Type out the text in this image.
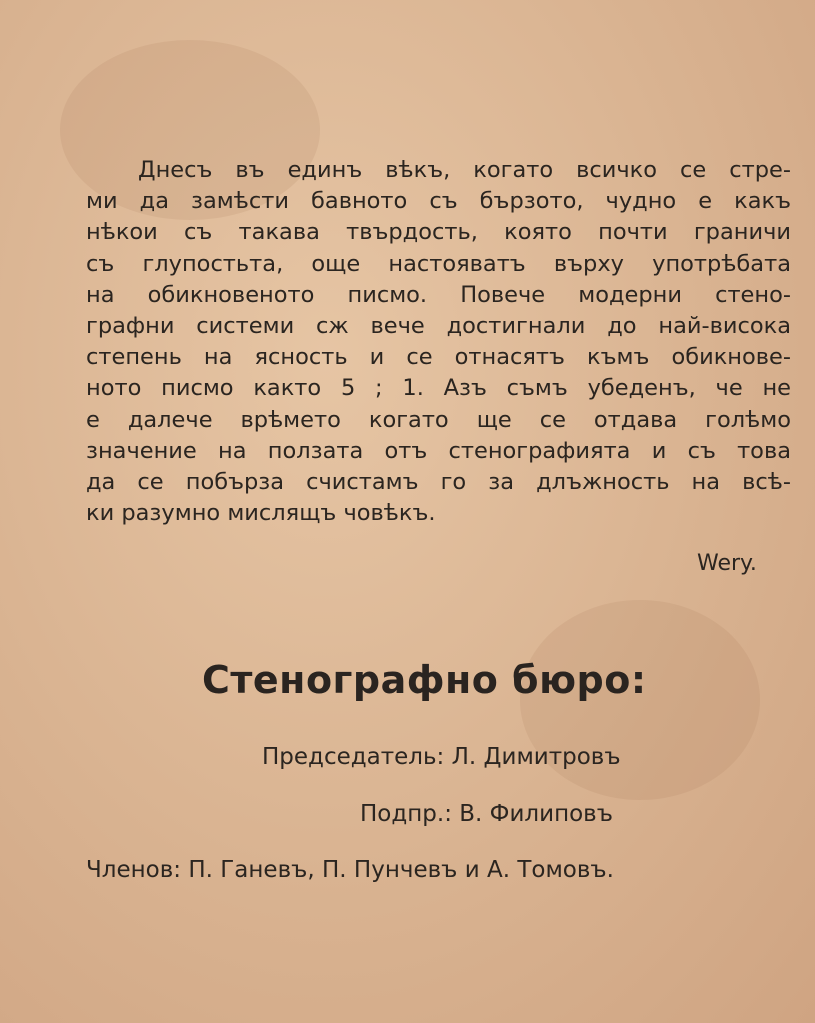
Днесъ въ единъ вѣкъ, когато всичко се стре-
ми да замѣсти бавното съ бързото, чудно е какъ
нѣкои съ такава твърдость, която почти граничи
съ глупостьта, още настояватъ върху употрѣбата
на обикновеното писмо. Повече модерни стено-
графни системи сж вече достигнали до най-висока
степень на ясность и се отнасятъ къмъ обикнове-
ното писмо както 5 ; 1. Азъ съмъ убеденъ, че не
е далече врѣмето когато ще се отдава голѣмо
значение на ползата отъ стенографията и съ това
да се побърза счистамъ го за длъжность на всѣ-
ки разумно мислящъ човѣкъ.
Wery.
Стенографно бюро:
Председатель: Л. Димитровъ
Подпр.: В. Филиповъ
Членов: П. Ганевъ, П. Пунчевъ и А. Томовъ.
